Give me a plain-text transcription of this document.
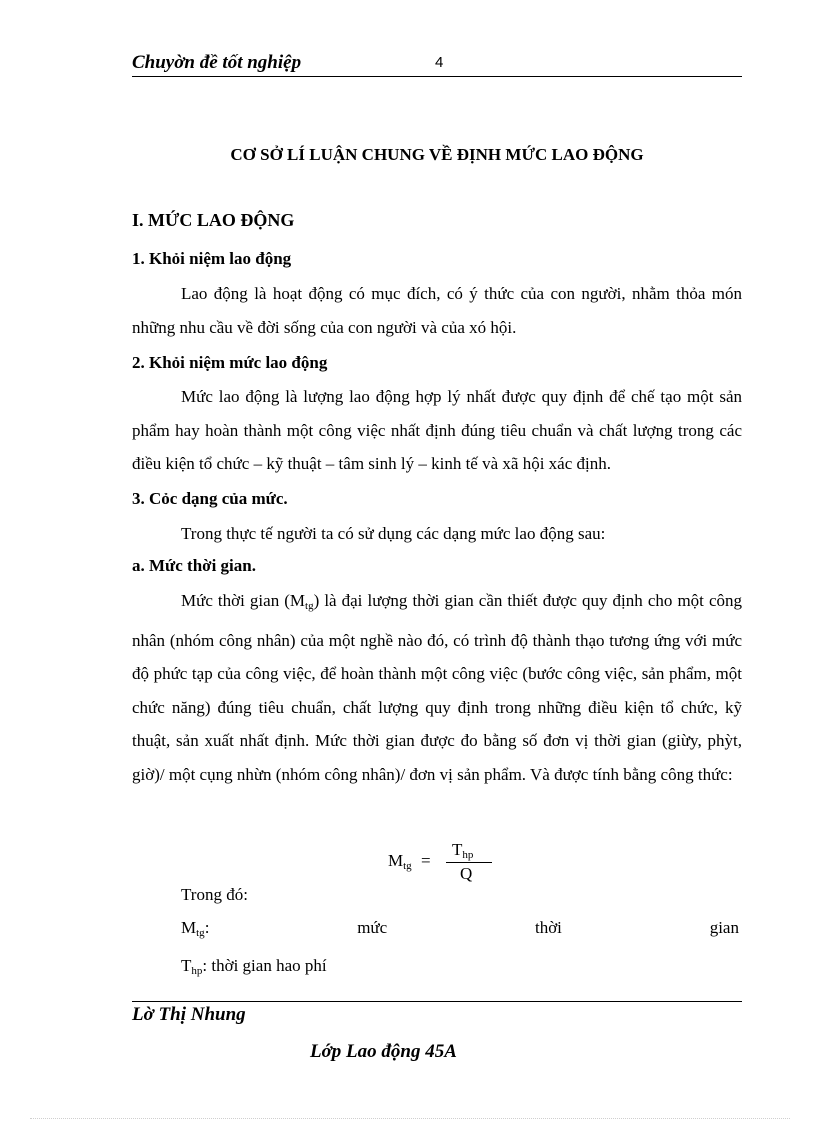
Chuyờn đề tốt nghiệp	4
CƠ SỞ LÍ LUẬN CHUNG VỀ ĐỊNH MỨC LAO ĐỘNG
I. MỨC LAO ĐỘNG
1. Khỏi niệm lao động

Lao động là hoạt động có mục đích, có ý thức của con người, nhằm thỏa món những nhu cầu về đời sống của con người và của xó hội.

2. Khỏi niệm mức lao động

Mức lao động là lượng lao động hợp lý nhất được quy định để chế tạo một sản phẩm hay hoàn thành một công việc nhất định đúng tiêu chuẩn và chất lượng trong các điều kiện tổ chức – kỹ thuật – tâm sinh lý – kinh tế và xã hội xác định.

3. Cỏc dạng của mức.

Trong thực tế người ta có sử dụng các dạng mức lao động sau:

a. Mức thời gian.

Mức thời gian $(M_{tg})$ là đại lượng thời gian cần thiết được quy định cho một công nhân (nhóm công nhân) của một nghề nào đó, có trình độ thành thạo tương ứng với mức độ phức tạp của công việc, để hoàn thành một công việc (bước công việc, sản phẩm, một chức năng) đúng tiêu chuẩn, chất lượng quy định trong những điều kiện tổ chức, kỹ thuật, sản xuất nhất định. Mức thời gian được đo bằng số đơn vị thời gian (giừy, phỳt, giờ)/ một cụng nhừn (nhóm công nhân)/ đơn vị sản phẩm. Và được tính bằng công thức:

$M_{tg}$ =
$T_{hp}$
Q
Trong đó:
$M_{tg}$:	mức	thời	gian
$T_{hp}$: thời gian hao phí
Lờ Thị Nhung
Lớp Lao động 45A
